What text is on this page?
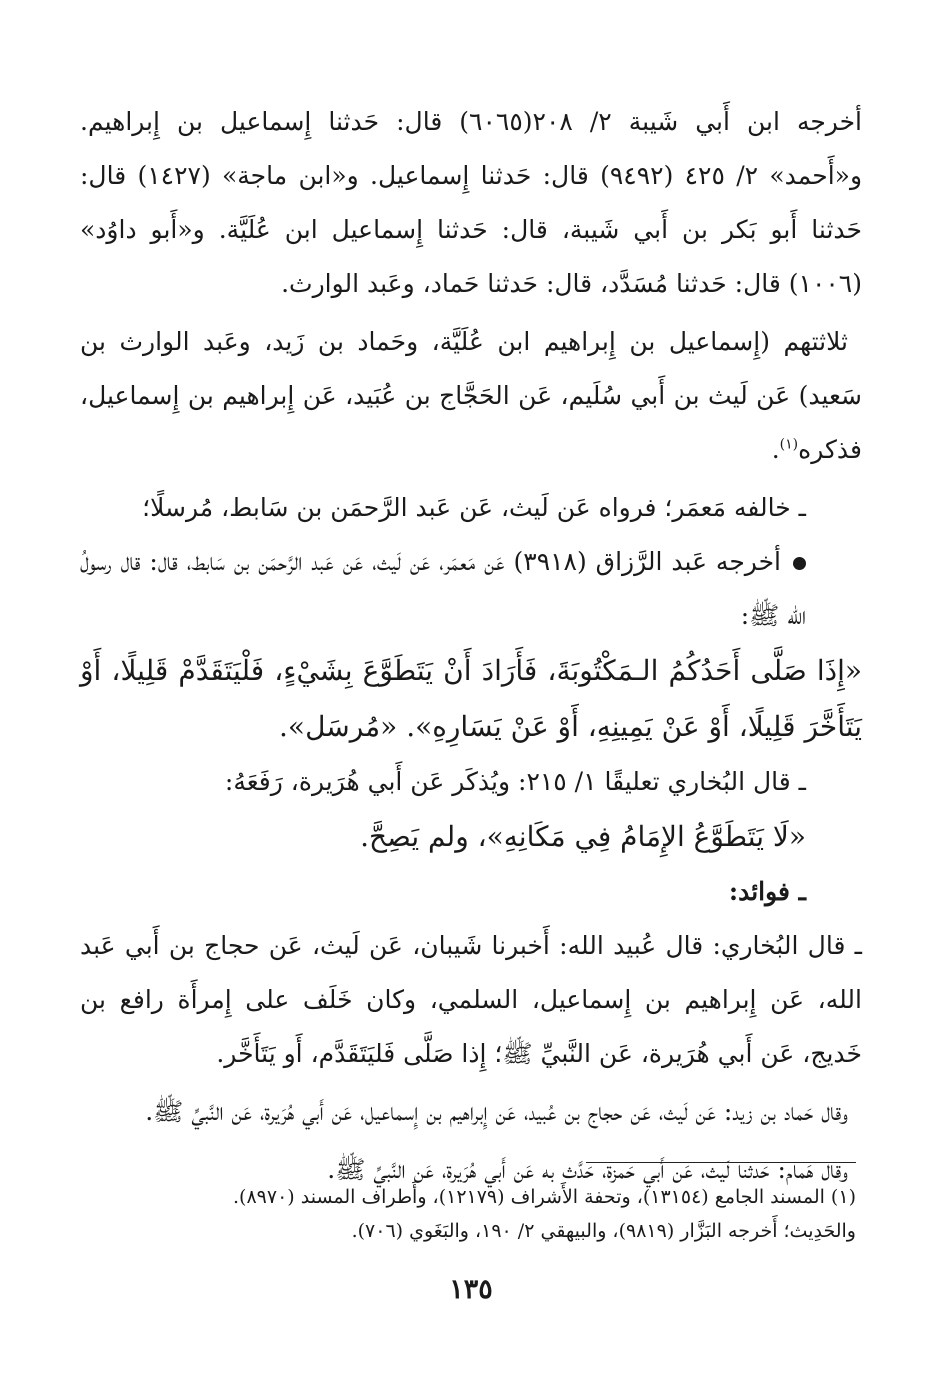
أخرجه ابن أَبي شَيبة ٢/ ٢٠٨(٦٠٦٥) قال: حَدثنا إِسماعيل بن إِبراهيم. و«أَحمد» ٢/ ٤٢٥ (٩٤٩٢) قال: حَدثنا إِسماعيل. و«ابن ماجة» (١٤٢٧) قال: حَدثنا أَبو بَكر بن أَبي شَيبة، قال: حَدثنا إِسماعيل ابن عُلَيَّة. و«أَبو داوُد» (١٠٠٦) قال: حَدثنا مُسَدَّد، قال: حَدثنا حَماد، وعَبد الوارث.

ثلاثتهم (إِسماعيل بن إِبراهيم ابن عُلَيَّة، وحَماد بن زَيد، وعَبد الوارث بن سَعيد) عَن لَيث بن أَبي سُلَيم، عَن الحَجَّاج بن عُبَيد، عَن إِبراهيم بن إِسماعيل، فذكره$^{(١)}$.

ـ خالفه مَعمَر؛ فرواه عَن لَيث، عَن عَبد الرَّحمَن بن سَابط، مُرسلًا؛

أخرجه عَبد الرَّزاق (٣٩١٨) عَن مَعمَر، عَن لَيث، عَن عَبد الرَّحمَن بن سَابط، قال: قال رسولُ الله ﷺ:

«إِذَا صَلَّى أَحَدُكُمُ الـمَكْتُوبَةَ، فَأَرَادَ أَنْ يَتَطَوَّعَ بِشَيْءٍ، فَلْيَتَقَدَّمْ قَلِيلًا، أَوْ يَتَأَخَّرَ قَلِيلًا، أَوْ عَنْ يَمِينِهِ، أَوْ عَنْ يَسَارِهِ». «مُرسَل».

ـ قال البُخاري تعليقًا ١/ ٢١٥: ويُذكَر عَن أَبي هُرَيرة، رَفَعَهُ:

«لَا يَتَطَوَّعُ الإِمَامُ فِي مَكَانِهِ»، ولم يَصِحَّ.

ـ فوائد:

ـ قال البُخاري: قال عُبيد الله: أَخبرنا شَيبان، عَن لَيث، عَن حجاج بن أَبي عَبد الله، عَن إِبراهيم بن إِسماعيل، السلمي، وكان خَلَف على إِمرأَة رافع بن خَديج، عَن أَبي هُرَيرة، عَن النَّبيِّ ﷺ؛ إِذا صَلَّى فَليَتَقَدَّم، أَو يَتَأَخَّر.

وقال حَماد بن زيد: عَن لَيث، عَن حجاج بن عُبيد، عَن إِبراهيم بن إِسماعيل، عَن أَبي هُرَيرة، عَن النَّبيِّ ﷺ.

وقال هَمام: حَدثنا لَيث، عَن أَبي حَمزة، حَدَّث به عَن أَبي هُرَيرة، عَن النَّبيِّ ﷺ.

(١) المسند الجامع (١٣١٥٤)، وتحفة الأَشراف (١٢١٧٩)، وأَطراف المسند (٨٩٧٠).

والحَدِيث؛ أَخرجه البَزَّار (٩٨١٩)، والبيهقي ٢/ ١٩٠، والبَغَوي (٧٠٦).

١٣٥
